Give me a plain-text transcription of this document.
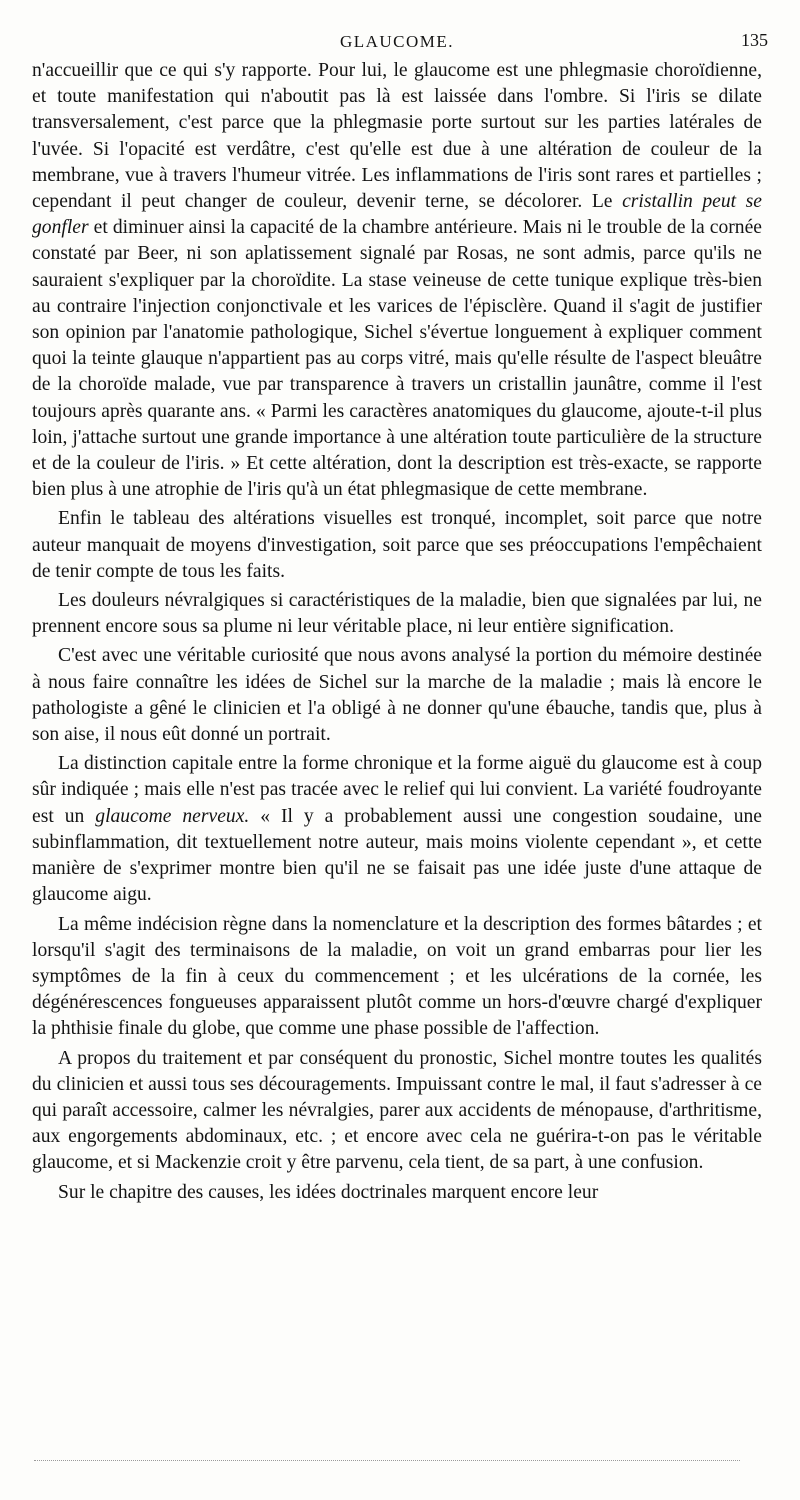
GLAUCOME.	135

n'accueillir que ce qui s'y rapporte. Pour lui, le glaucome est une phlegmasie choroïdienne, et toute manifestation qui n'aboutit pas là est laissée dans l'ombre. Si l'iris se dilate transversalement, c'est parce que la phlegmasie porte surtout sur les parties latérales de l'uvée. Si l'opacité est verdâtre, c'est qu'elle est due à une altération de couleur de la membrane, vue à travers l'humeur vitrée. Les inflammations de l'iris sont rares et partielles ; cependant il peut changer de couleur, devenir terne, se décolorer. Le cristallin peut se gonfler et diminuer ainsi la capacité de la chambre antérieure. Mais ni le trouble de la cornée constaté par Beer, ni son aplatissement signalé par Rosas, ne sont admis, parce qu'ils ne sauraient s'expliquer par la choroïdite. La stase veineuse de cette tunique explique très-bien au contraire l'injection conjonctivale et les varices de l'épisclère. Quand il s'agit de justifier son opinion par l'anatomie pathologique, Sichel s'évertue longuement à expliquer comment quoi la teinte glauque n'appartient pas au corps vitré, mais qu'elle résulte de l'aspect bleuâtre de la choroïde malade, vue par transparence à travers un cristallin jaunâtre, comme il l'est toujours après quarante ans. « Parmi les caractères anatomiques du glaucome, ajoute-t-il plus loin, j'attache surtout une grande importance à une altération toute particulière de la structure et de la couleur de l'iris. » Et cette altération, dont la description est très-exacte, se rapporte bien plus à une atrophie de l'iris qu'à un état phlegmasique de cette membrane.

Enfin le tableau des altérations visuelles est tronqué, incomplet, soit parce que notre auteur manquait de moyens d'investigation, soit parce que ses préoccupations l'empêchaient de tenir compte de tous les faits.

Les douleurs névralgiques si caractéristiques de la maladie, bien que signalées par lui, ne prennent encore sous sa plume ni leur véritable place, ni leur entière signification.

C'est avec une véritable curiosité que nous avons analysé la portion du mémoire destinée à nous faire connaître les idées de Sichel sur la marche de la maladie ; mais là encore le pathologiste a gêné le clinicien et l'a obligé à ne donner qu'une ébauche, tandis que, plus à son aise, il nous eût donné un portrait.

La distinction capitale entre la forme chronique et la forme aiguë du glaucome est à coup sûr indiquée ; mais elle n'est pas tracée avec le relief qui lui convient. La variété foudroyante est un glaucome nerveux. « Il y a probablement aussi une congestion soudaine, une subinflammation, dit textuellement notre auteur, mais moins violente cependant », et cette manière de s'exprimer montre bien qu'il ne se faisait pas une idée juste d'une attaque de glaucome aigu.

La même indécision règne dans la nomenclature et la description des formes bâtardes ; et lorsqu'il s'agit des terminaisons de la maladie, on voit un grand embarras pour lier les symptômes de la fin à ceux du commencement ; et les ulcérations de la cornée, les dégénérescences fongueuses apparaissent plutôt comme un hors-d'œuvre chargé d'expliquer la phthisie finale du globe, que comme une phase possible de l'affection.

A propos du traitement et par conséquent du pronostic, Sichel montre toutes les qualités du clinicien et aussi tous ses découragements. Impuissant contre le mal, il faut s'adresser à ce qui paraît accessoire, calmer les névralgies, parer aux accidents de ménopause, d'arthritisme, aux engorgements abdominaux, etc. ; et encore avec cela ne guérira-t-on pas le véritable glaucome, et si Mackenzie croit y être parvenu, cela tient, de sa part, à une confusion.

Sur le chapitre des causes, les idées doctrinales marquent encore leur
